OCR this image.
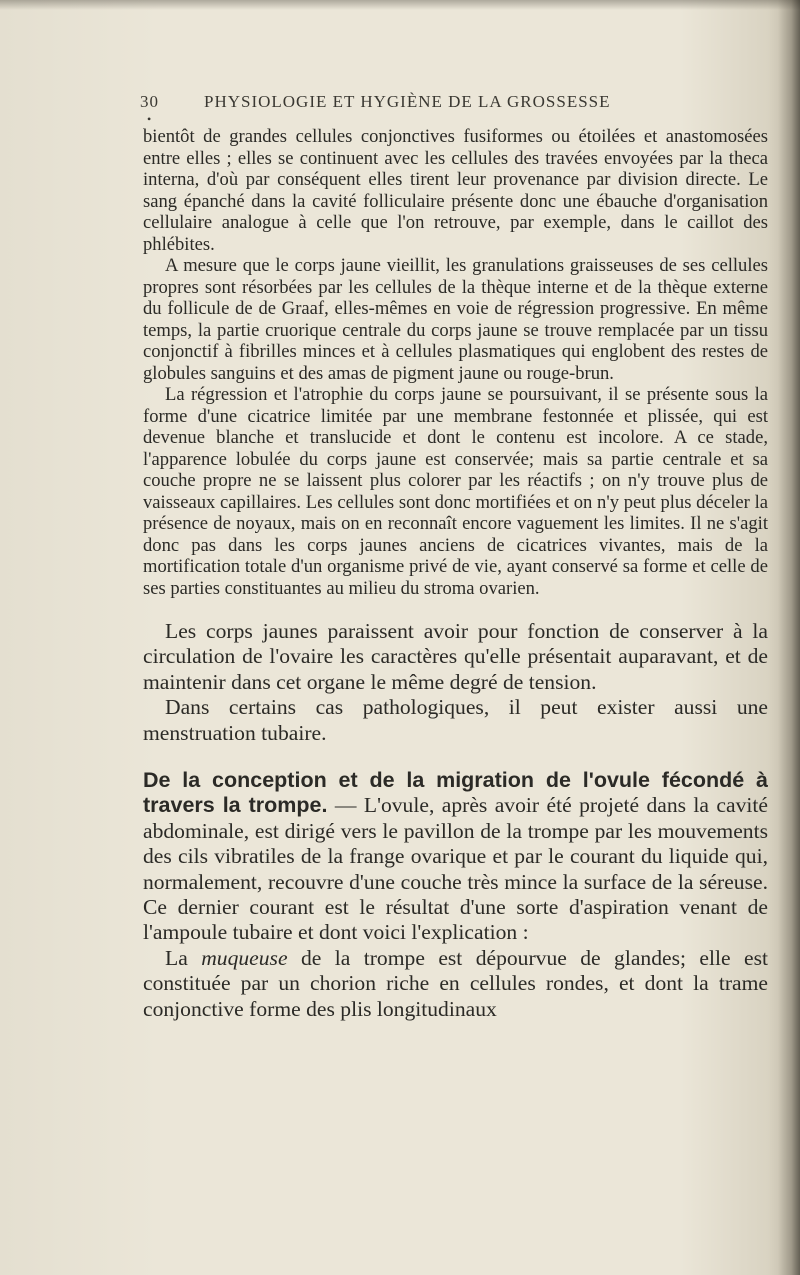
30	PHYSIOLOGIE ET HYGIÈNE DE LA GROSSESSE
•

bientôt de grandes cellules conjonctives fusiformes ou étoilées et anastomosées entre elles ; elles se continuent avec les cellules des travées envoyées par la theca interna, d'où par conséquent elles tirent leur provenance par division directe. Le sang épanché dans la cavité folliculaire présente donc une ébauche d'organisation cellulaire analogue à celle que l'on retrouve, par exemple, dans le caillot des phlébites.

A mesure que le corps jaune vieillit, les granulations graisseuses de ses cellules propres sont résorbées par les cellules de la thèque interne et de la thèque externe du follicule de de Graaf, elles-mêmes en voie de régression progressive. En même temps, la partie cruorique centrale du corps jaune se trouve remplacée par un tissu conjonctif à fibrilles minces et à cellules plasmatiques qui englobent des restes de globules sanguins et des amas de pigment jaune ou rouge-brun.

La régression et l'atrophie du corps jaune se poursuivant, il se présente sous la forme d'une cicatrice limitée par une membrane festonnée et plissée, qui est devenue blanche et translucide et dont le contenu est incolore. A ce stade, l'apparence lobulée du corps jaune est conservée; mais sa partie centrale et sa couche propre ne se laissent plus colorer par les réactifs ; on n'y trouve plus de vaisseaux capillaires. Les cellules sont donc mortifiées et on n'y peut plus déceler la présence de noyaux, mais on en reconnaît encore vaguement les limites. Il ne s'agit donc pas dans les corps jaunes anciens de cicatrices vivantes, mais de la mortification totale d'un organisme privé de vie, ayant conservé sa forme et celle de ses parties constituantes au milieu du stroma ovarien.

Les corps jaunes paraissent avoir pour fonction de conserver à la circulation de l'ovaire les caractères qu'elle présentait auparavant, et de maintenir dans cet organe le même degré de tension.

Dans certains cas pathologiques, il peut exister aussi une menstruation tubaire.

De la conception et de la migration de l'ovule fécondé à travers la trompe. — L'ovule, après avoir été projeté dans la cavité abdominale, est dirigé vers le pavillon de la trompe par les mouvements des cils vibratiles de la frange ovarique et par le courant du liquide qui, normalement, recouvre d'une couche très mince la surface de la séreuse. Ce dernier courant est le résultat d'une sorte d'aspiration venant de l'ampoule tubaire et dont voici l'explication :

La muqueuse de la trompe est dépourvue de glandes; elle est constituée par un chorion riche en cellules rondes, et dont la trame conjonctive forme des plis longitudinaux
